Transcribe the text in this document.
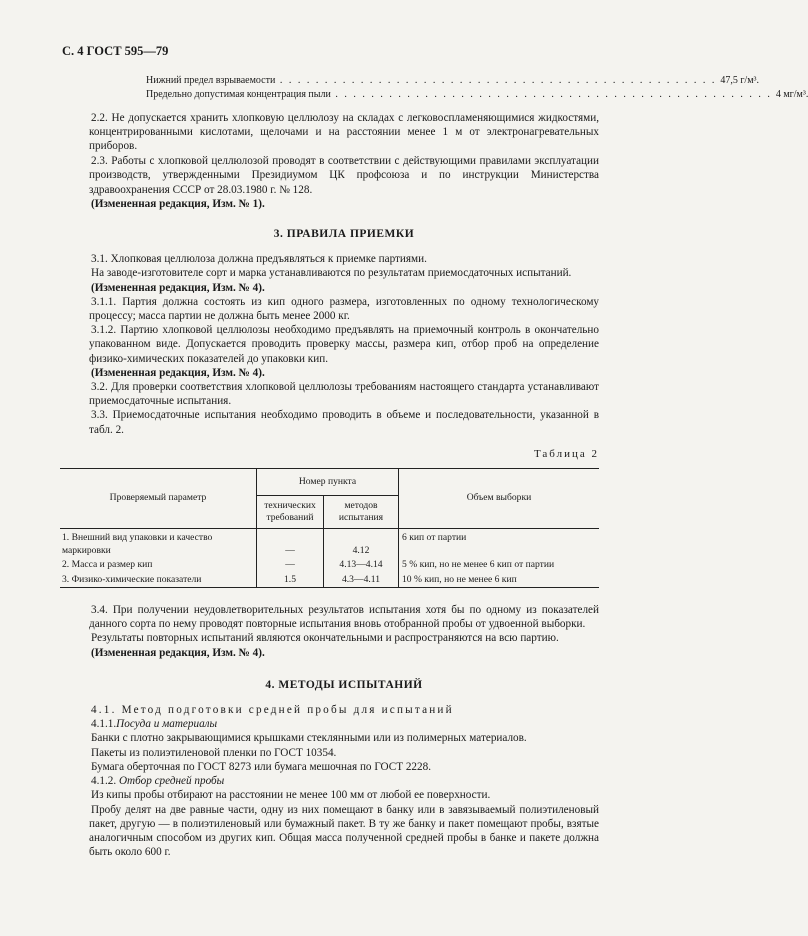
С. 4 ГОСТ 595—79
Нижний предел взрываемости . . . . . . . . . . . . . . . . . . . . . . . . . . . . . . . . . . . . . . . . . . . . . . . . . 47,5 г/м³.
Предельно допустимая концентрация пыли . . . . . . . . . . . . . . . . . . . . . . . . . . . . . . . . . . . . . . . . . . . . . . . . . 4 мг/м³.

2.2. Не допускается хранить хлопковую целлюлозу на складах с легковоспламеняющимися жидкостями, концентрированными кислотами, щелочами и на расстоянии менее 1 м от электронагревательных приборов.

2.3. Работы с хлопковой целлюлозой проводят в соответствии с действующими правилами эксплуатации производств, утвержденными Президиумом ЦК профсоюза и по инструкции Министерства здравоохранения СССР от 28.03.1980 г. № 128.

(Измененная редакция, Изм. № 1).

3. ПРАВИЛА ПРИЕМКИ

3.1. Хлопковая целлюлоза должна предъявляться к приемке партиями.

На заводе-изготовителе сорт и марка устанавливаются по результатам приемосдаточных испытаний.

(Измененная редакция, Изм. № 4).

3.1.1. Партия должна состоять из кип одного размера, изготовленных по одному технологическому процессу; масса партии не должна быть менее 2000 кг.

3.1.2. Партию хлопковой целлюлозы необходимо предъявлять на приемочный контроль в окончательно упакованном виде. Допускается проводить проверку массы, размера кип, отбор проб на определение физико-химических показателей до упаковки кип.

(Измененная редакция, Изм. № 4).

3.2. Для проверки соответствия хлопковой целлюлозы требованиям настоящего стандарта устанавливают приемосдаточные испытания.

3.3. Приемосдаточные испытания необходимо проводить в объеме и последовательности, указанной в табл. 2.

Таблица 2
Проверяемый параметр	Номер пункта		Объем выборки
	технических требований	методов испытания	
1. Внешний вид упаковки и качество маркировки	—	4.12	6 кип от партии
2. Масса и размер кип	—	4.13—4.14	5 % кип, но не менее 6 кип от партии
3. Физико-химические показатели	1.5	4.3—4.11	10 % кип, но не менее 6 кип

3.4. При получении неудовлетворительных результатов испытания хотя бы по одному из показателей данного сорта по нему проводят повторные испытания вновь отобранной пробы от удвоенной выборки.

Результаты повторных испытаний являются окончательными и распространяются на всю партию.

(Измененная редакция, Изм. № 4).

4. МЕТОДЫ ИСПЫТАНИЙ

4.1. Метод подготовки средней пробы для испытаний

4.1.1.Посуда и материалы

Банки с плотно закрывающимися крышками стеклянными или из полимерных материалов.

Пакеты из полиэтиленовой пленки по ГОСТ 10354.

Бумага оберточная по ГОСТ 8273 или бумага мешочная по ГОСТ 2228.

4.1.2. Отбор средней пробы

Из кипы пробы отбирают на расстоянии не менее 100 мм от любой ее поверхности.

Пробу делят на две равные части, одну из них помещают в банку или в завязываемый полиэтиленовый пакет, другую — в полиэтиленовый или бумажный пакет. В ту же банку и пакет помещают пробы, взятые аналогичным способом из других кип. Общая масса полученной средней пробы в банке и пакете должна быть около 600 г.
